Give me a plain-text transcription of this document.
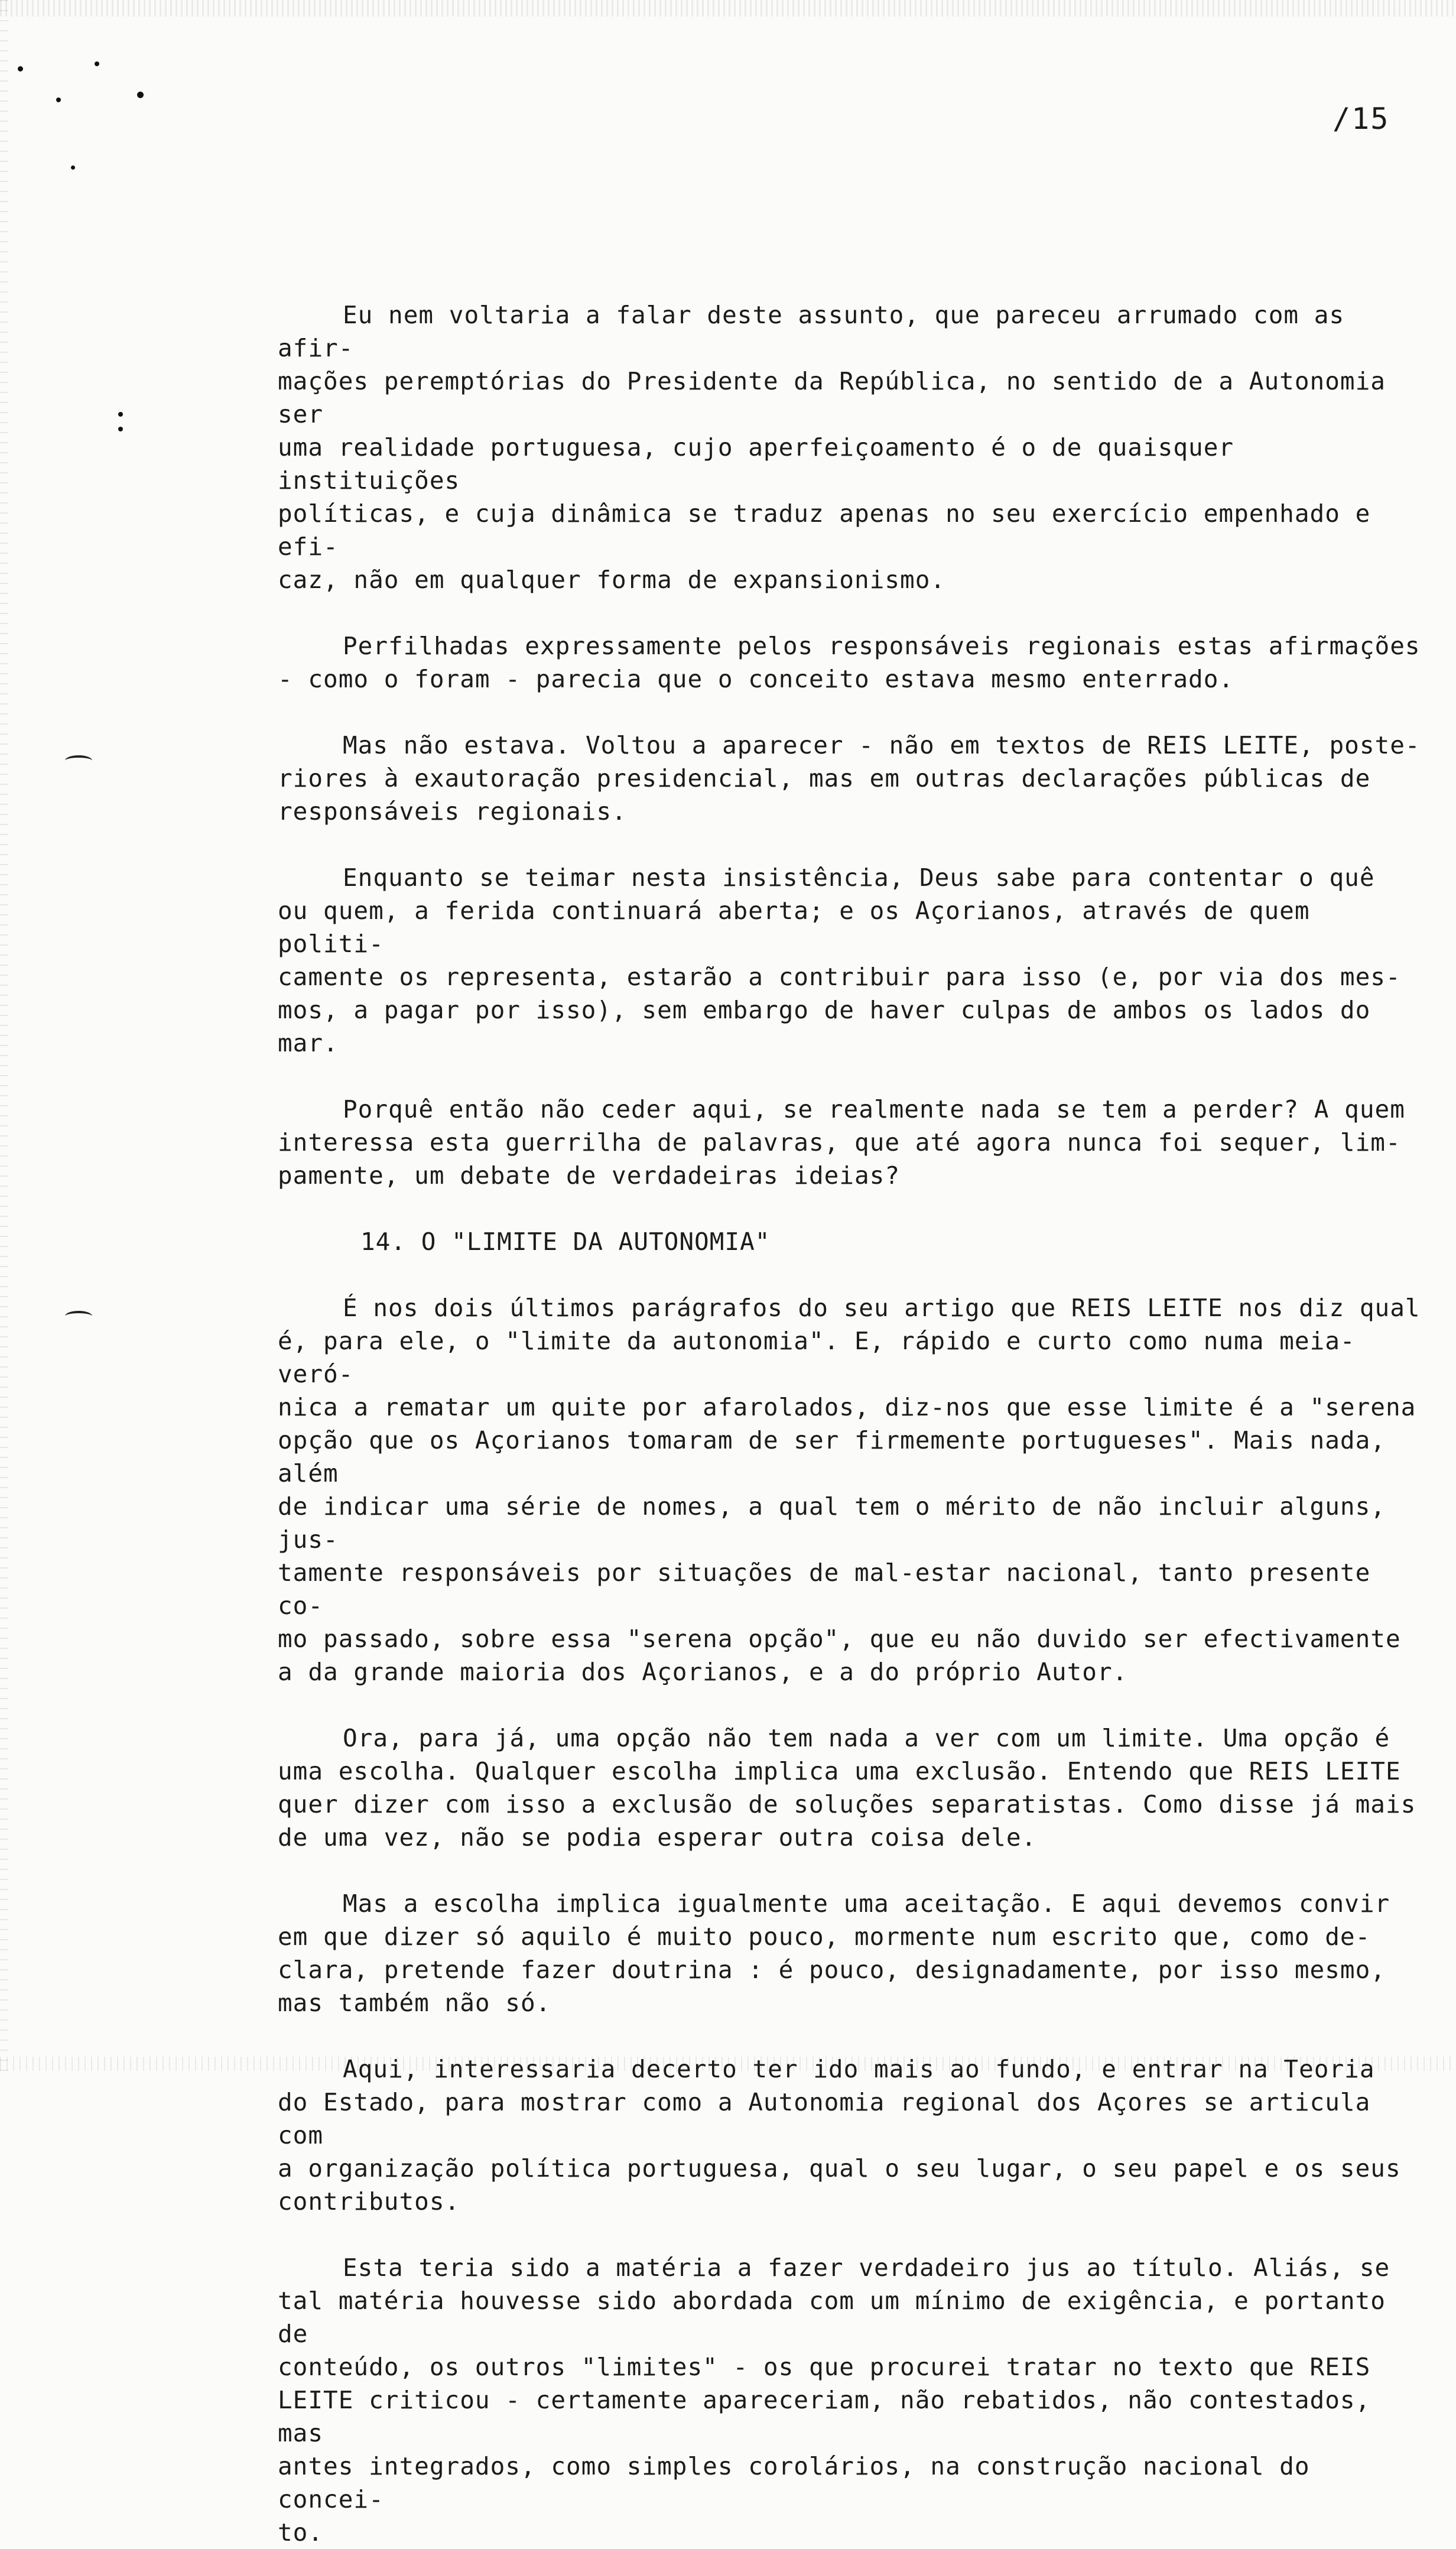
/15

Eu nem voltaria a falar deste assunto, que pareceu arrumado com as afir-
mações peremptórias do Presidente da República, no sentido de a Autonomia ser
uma realidade portuguesa, cujo aperfeiçoamento é o de quaisquer instituições
políticas, e cuja dinâmica se traduz apenas no seu exercício empenhado e efi-
caz, não em qualquer forma de expansionismo.

Perfilhadas expressamente pelos responsáveis regionais estas afirmações
- como o foram - parecia que o conceito estava mesmo enterrado.

Mas não estava. Voltou a aparecer - não em textos de REIS LEITE, poste-
riores à exautoração presidencial, mas em outras declarações públicas de
responsáveis regionais.

Enquanto se teimar nesta insistência, Deus sabe para contentar o quê
ou quem, a ferida continuará aberta; e os Açorianos, através de quem politi-
camente os representa, estarão a contribuir para isso (e, por via dos mes-
mos, a pagar por isso), sem embargo de haver culpas de ambos os lados do mar.

Porquê então não ceder aqui, se realmente nada se tem a perder? A quem
interessa esta guerrilha de palavras, que até agora nunca foi sequer, lim-
pamente, um debate de verdadeiras ideias?

14. O "LIMITE DA AUTONOMIA"

É nos dois últimos parágrafos do seu artigo que REIS LEITE nos diz qual
é, para ele, o "limite da autonomia". E, rápido e curto como numa meia-veró-
nica a rematar um quite por afarolados, diz-nos que esse limite é a "serena
opção que os Açorianos tomaram de ser firmemente portugueses". Mais nada, além
de indicar uma série de nomes, a qual tem o mérito de não incluir alguns, jus-
tamente responsáveis por situações de mal-estar nacional, tanto presente co-
mo passado, sobre essa "serena opção", que eu não duvido ser efectivamente
a da grande maioria dos Açorianos, e a do próprio Autor.

Ora, para já, uma opção não tem nada a ver com um limite. Uma opção é
uma escolha. Qualquer escolha implica uma exclusão. Entendo que REIS LEITE
quer dizer com isso a exclusão de soluções separatistas. Como disse já mais
de uma vez, não se podia esperar outra coisa dele.

Mas a escolha implica igualmente uma aceitação. E aqui devemos convir
em que dizer só aquilo é muito pouco, mormente num escrito que, como de-
clara, pretende fazer doutrina : é pouco, designadamente, por isso mesmo,
mas também não só.

Aqui, interessaria decerto ter ido mais ao fundo, e entrar na Teoria
do Estado, para mostrar como a Autonomia regional dos Açores se articula com
a organização política portuguesa, qual o seu lugar, o seu papel e os seus
contributos.

Esta teria sido a matéria a fazer verdadeiro jus ao título. Aliás, se
tal matéria houvesse sido abordada com um mínimo de exigência, e portanto de
conteúdo, os outros "limites" - os que procurei tratar no texto que REIS
LEITE criticou - certamente apareceriam, não rebatidos, não contestados, mas
antes integrados, como simples corolários, na construção nacional do concei-
to.
